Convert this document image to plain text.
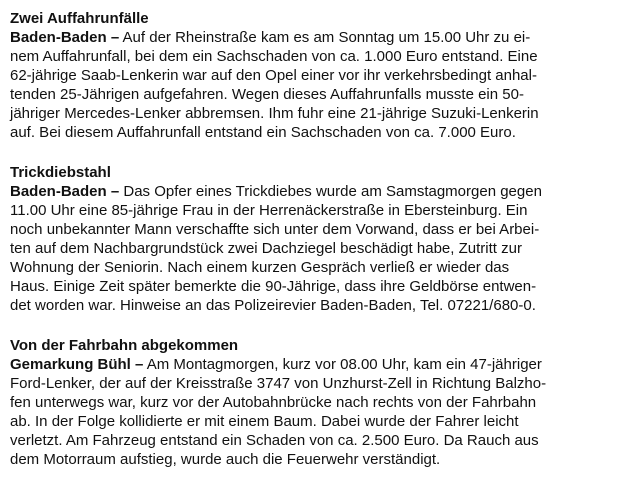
Zwei Auffahrunfälle
Baden-Baden – Auf der Rheinstraße kam es am Sonntag um 15.00 Uhr zu ei-
nem Auffahrunfall, bei dem ein Sachschaden von ca. 1.000 Euro entstand. Eine
62-jährige Saab-Lenkerin war auf den Opel einer vor ihr verkehrsbedingt anhal-
tenden 25-Jährigen aufgefahren. Wegen dieses Auffahrunfalls musste ein 50-
jähriger Mercedes-Lenker abbremsen. Ihm fuhr eine 21-jährige Suzuki-Lenkerin
auf. Bei diesem Auffahrunfall entstand ein Sachschaden von ca. 7.000 Euro.
Trickdiebstahl
Baden-Baden – Das Opfer eines Trickdiebes wurde am Samstagmorgen gegen
11.00 Uhr eine 85-jährige Frau in der Herrenäckerstraße in Ebersteinburg. Ein
noch unbekannter Mann verschaffte sich unter dem Vorwand, dass er bei Arbei-
ten auf dem Nachbargrundstück zwei Dachziegel beschädigt habe, Zutritt zur
Wohnung der Seniorin. Nach einem kurzen Gespräch verließ er wieder das
Haus. Einige Zeit später bemerkte die 90-Jährige, dass ihre Geldbörse entwen-
det worden war. Hinweise an das Polizeirevier Baden-Baden, Tel. 07221/680-0.
Von der Fahrbahn abgekommen
Gemarkung Bühl – Am Montagmorgen, kurz vor 08.00 Uhr, kam ein 47-jähriger
Ford-Lenker, der auf der Kreisstraße 3747 von Unzhurst-Zell in Richtung Balzho-
fen unterwegs war, kurz vor der Autobahnbrücke nach rechts von der Fahrbahn
ab. In der Folge kollidierte er mit einem Baum. Dabei wurde der Fahrer leicht
verletzt. Am Fahrzeug entstand ein Schaden von ca. 2.500 Euro. Da Rauch aus
dem Motorraum aufstieg, wurde auch die Feuerwehr verständigt.
